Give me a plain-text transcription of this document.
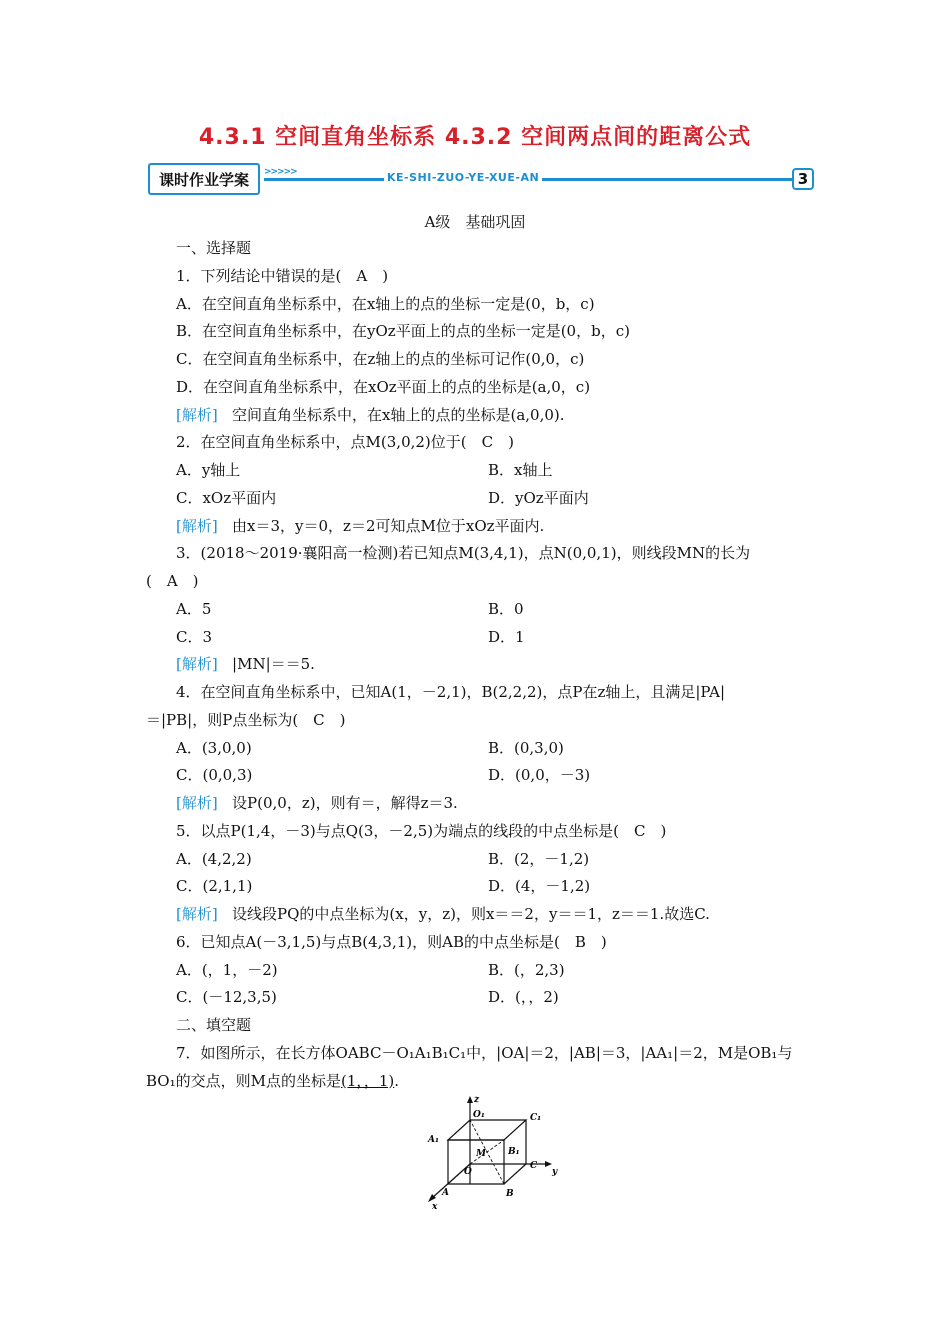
4.3.1 空间直角坐标系 4.3.2 空间两点间的距离公式
课时作业学案	>>>>>	KE-SHI-ZUO-YE-XUE-AN	3
A级　基础巩固
一、选择题
1．下列结论中错误的是(　A　)
A．在空间直角坐标系中，在x轴上的点的坐标一定是(0，b，c)
B．在空间直角坐标系中，在yOz平面上的点的坐标一定是(0，b，c)
C．在空间直角坐标系中，在z轴上的点的坐标可记作(0,0，c)
D．在空间直角坐标系中，在xOz平面上的点的坐标是(a,0，c)
[解析] 空间直角坐标系中，在x轴上的点的坐标是(a,0,0).
2．在空间直角坐标系中，点M(3,0,2)位于(　C　)
A．y轴上	B．x轴上
C．xOz平面内	D．yOz平面内
[解析] 由x＝3，y＝0，z＝2可知点M位于xOz平面内.
3．(2018～2019·襄阳高一检测)若已知点M(3,4,1)，点N(0,0,1)，则线段MN的长为
(　A　)
A．5	B．0
C．3	D．1
[解析] |MN|＝＝5.
4．在空间直角坐标系中，已知A(1，－2,1)，B(2,2,2)，点P在z轴上，且满足|PA|
＝|PB|，则P点坐标为(　C　)
A．(3,0,0)	B．(0,3,0)
C．(0,0,3)	D．(0,0，－3)
[解析] 设P(0,0，z)，则有＝，解得z＝3.
5．以点P(1,4，－3)与点Q(3，－2,5)为端点的线段的中点坐标是(　C　)
A．(4,2,2)	B．(2，－1,2)
C．(2,1,1)	D．(4，－1,2)
[解析] 设线段PQ的中点坐标为(x，y，z)，则x＝＝2，y＝＝1，z＝＝1.故选C.
6．已知点A(－3,1,5)与点B(4,3,1)，则AB的中点坐标是(　B　)
A．(，1，－2)	B．(，2,3)
C．(－12,3,5)	D．(，，2)
二、填空题
7．如图所示，在长方体OABC－O₁A₁B₁C₁中，|OA|＝2，|AB|＝3，|AA₁|＝2，M是OB₁与
BO₁的交点，则M点的坐标是(1，，1).
z
O₁	C₁
A₁
B₁
M
O
C
y
A	B
x
